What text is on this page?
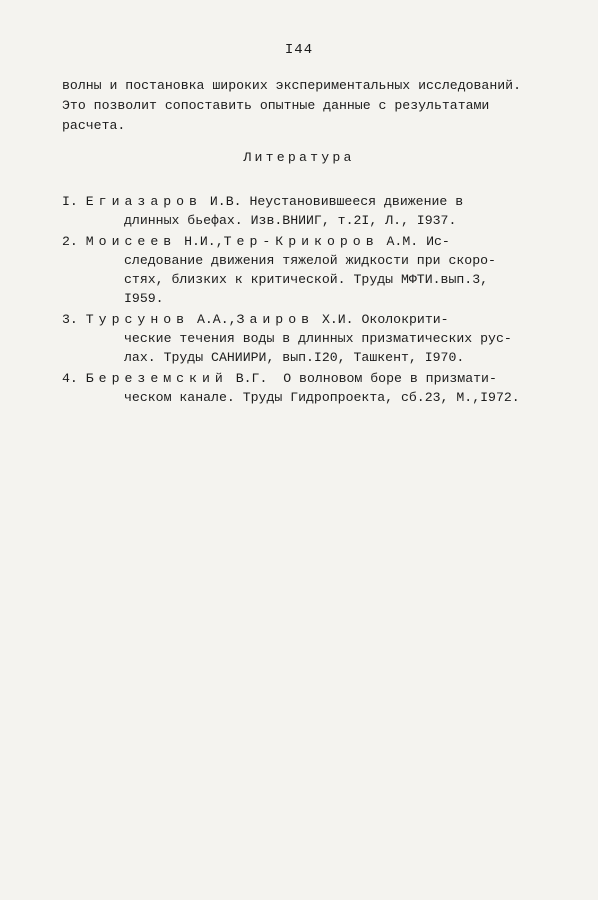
I44
волны и постановка широких экспериментальных исследований.
Это позволит сопоставить опытные данные с результатами
расчета.
Литература
I. Егиазаров И.В. Неустановившееся движение в
длинных бьефах. Изв.ВНИИГ, т.2I, Л., I937.
2. Моисеев Н.И.,Тер-Крикоров А.М. Ис-
следование движения тяжелой жидкости при скоро-
стях, близких к критической. Труды МФТИ.вып.3,
I959.
3. Турсунов А.А.,Заиров Х.И. Околокрити-
ческие течения воды в длинных призматических рус-
лах. Труды САНИИРИ, вып.I20, Ташкент, I970.
4. Береземский В.Г.  О волновом боре в призмати-
ческом канале. Труды Гидропроекта, сб.23, М.,I972.
